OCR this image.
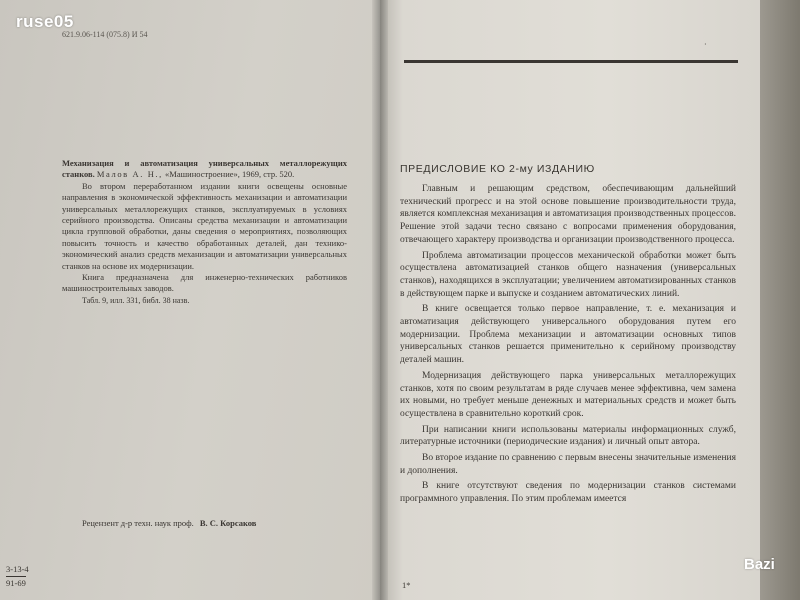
ruse05
621.9.06-114 (075.8) И 54

Механизация и автоматизация универсальных металлорежущих станков. Малов А. Н., «Машиностроение», 1969, стр. 520.

Во втором переработанном издании книги освещены основные направления в экономической эффективность механизации и автоматизации универсальных металлорежущих станков, эксплуатируемых в условиях серийного производства. Описаны средства механизации и автоматизации цикла групповой обработки, даны сведения о мероприятиях, позволяющих повысить точность и качество обработанных деталей, дан технико-экономический анализ средств механизации и автоматизации универсальных станков на основе их модернизации.

Книга предназначена для инженерно-технических работников машиностроительных заводов.

Табл. 9, илл. 331, библ. 38 назв.

Рецензент д-р техн. наук проф. В. С. Корсаков
3-13-4
91-69
·
ПРЕДИСЛОВИЕ КО 2-му ИЗДАНИЮ

Главным и решающим средством, обеспечивающим дальнейший технический прогресс и на этой основе повышение производительности труда, является комплексная механизация и автоматизация производственных процессов. Решение этой задачи тесно связано с вопросами применения оборудования, отвечающего характеру производства и организации производственного процесса.

Проблема автоматизации процессов механической обработки может быть осуществлена автоматизацией станков общего назначения (универсальных станков), находящихся в эксплуатации; увеличением автоматизированных станков в действующем парке и выпуске и созданием автоматических линий.

В книге освещается только первое направление, т. е. механизация и автоматизация действующего универсального оборудования путем его модернизации. Проблема механизации и автоматизации основных типов универсальных станков решается применительно к серийному производству деталей машин.

Модернизация действующего парка универсальных металлорежущих станков, хотя по своим результатам в ряде случаев менее эффективна, чем замена их новыми, но требует меньше денежных и материальных средств и может быть осуществлена в сравнительно короткий срок.

При написании книги использованы материалы информационных служб, литературные источники (периодические издания) и личный опыт автора.

Во второе издание по сравнению с первым внесены значительные изменения и дополнения.

В книге отсутствуют сведения по модернизации станков системами программного управления. По этим проблемам имеется

1*
Bazi
